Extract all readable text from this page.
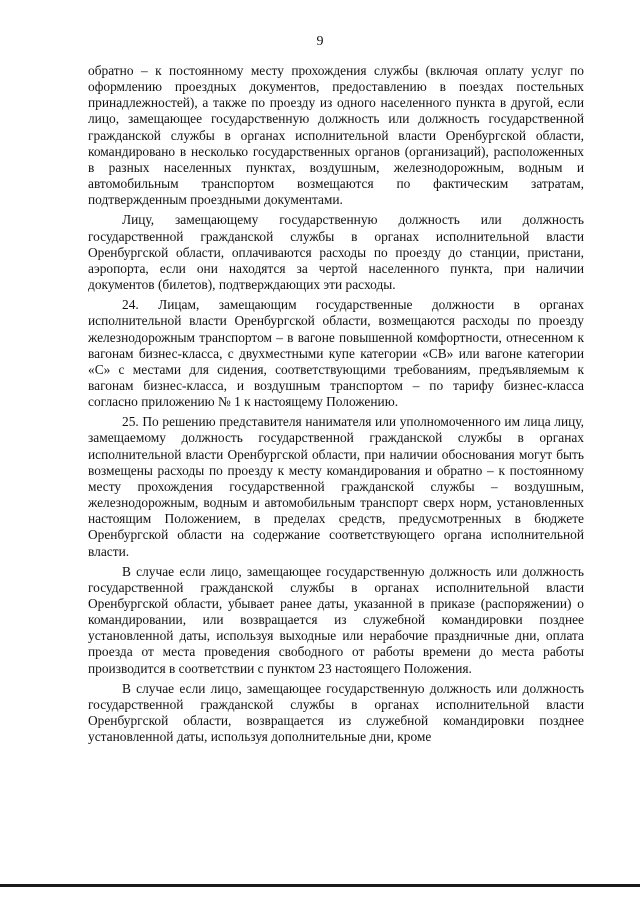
9

обратно – к постоянному месту прохождения службы (включая оплату услуг по оформлению проездных документов, предоставлению в поездах постельных принадлежностей), а также по проезду из одного населенного пункта в другой, если лицо, замещающее государственную должность или должность государственной гражданской службы в органах исполнительной власти Оренбургской области, командировано в несколько государственных органов (организаций), расположенных в разных населенных пунктах, воздушным, железнодорожным, водным и автомобильным транспортом возмещаются по фактическим затратам, подтвержденным проездными документами.

Лицу, замещающему государственную должность или должность государственной гражданской службы в органах исполнительной власти Оренбургской области, оплачиваются расходы по проезду до станции, пристани, аэропорта, если они находятся за чертой населенного пункта, при наличии документов (билетов), подтверждающих эти расходы.

24. Лицам, замещающим государственные должности в органах исполнительной власти Оренбургской области, возмещаются расходы по проезду железнодорожным транспортом – в вагоне повышенной комфортности, отнесенном к вагонам бизнес-класса, с двухместными купе категории «СВ» или вагоне категории «С» с местами для сидения, соответствующими требованиям, предъявляемым к вагонам бизнес-класса, и воздушным транспортом – по тарифу бизнес-класса согласно приложению № 1 к настоящему Положению.

25. По решению представителя нанимателя или уполномоченного им лица лицу, замещаемому должность государственной гражданской службы в органах исполнительной власти Оренбургской области, при наличии обоснования могут быть возмещены расходы по проезду к месту командирования и обратно – к постоянному месту прохождения государственной гражданской службы – воздушным, железнодорожным, водным и автомобильным транспорт сверх норм, установленных настоящим Положением, в пределах средств, предусмотренных в бюджете Оренбургской области на содержание соответствующего органа исполнительной власти.

В случае если лицо, замещающее государственную должность или должность государственной гражданской службы в органах исполнительной власти Оренбургской области, убывает ранее даты, указанной в приказе (распоряжении) о командировании, или возвращается из служебной командировки позднее установленной даты, используя выходные или нерабочие праздничные дни, оплата проезда от места проведения свободного от работы времени до места работы производится в соответствии с пунктом 23 настоящего Положения.

В случае если лицо, замещающее государственную должность или должность государственной гражданской службы в органах исполнительной власти Оренбургской области, возвращается из служебной командировки позднее установленной даты, используя дополнительные дни, кроме
